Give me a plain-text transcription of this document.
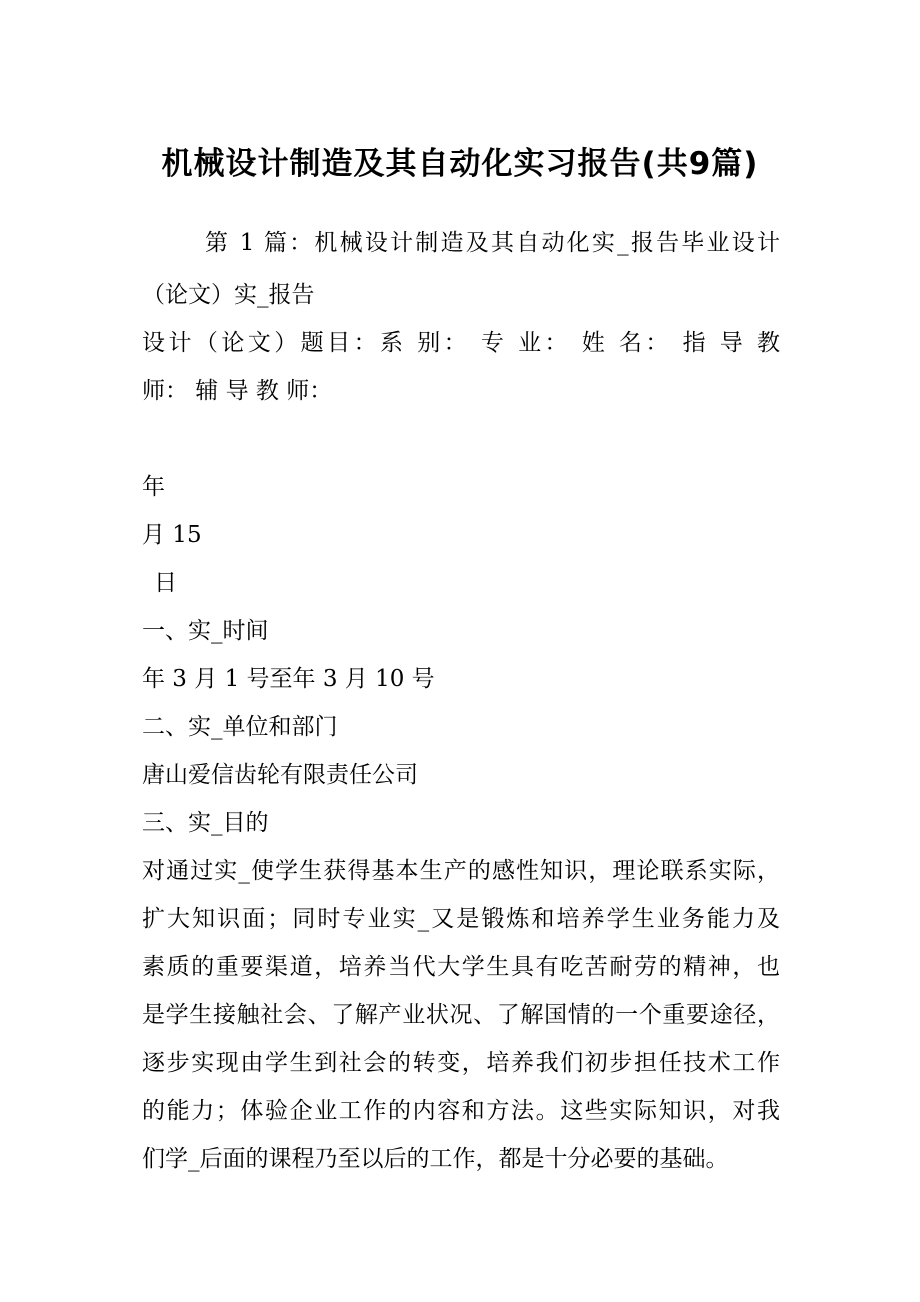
机械设计制造及其自动化实习报告(共9篇)
第 1 篇：机械设计制造及其自动化实_报告毕业设计
（论文）实_报告
设计（论文）题目：系 别： 专 业： 姓 名： 指 导 教
师： 辅 导 教 师：
年
月 15
日
一、实_时间
年 3 月 1 号至年 3 月 10 号
二、实_单位和部门
唐山爱信齿轮有限责任公司
三、实_目的
对通过实_使学生获得基本生产的感性知识，理论联系实际，
扩大知识面；同时专业实_又是锻炼和培养学生业务能力及
素质的重要渠道，培养当代大学生具有吃苦耐劳的精神，也
是学生接触社会、了解产业状况、了解国情的一个重要途径，
逐步实现由学生到社会的转变，培养我们初步担任技术工作
的能力；体验企业工作的内容和方法。这些实际知识，对我
们学_后面的课程乃至以后的工作，都是十分必要的基础。
